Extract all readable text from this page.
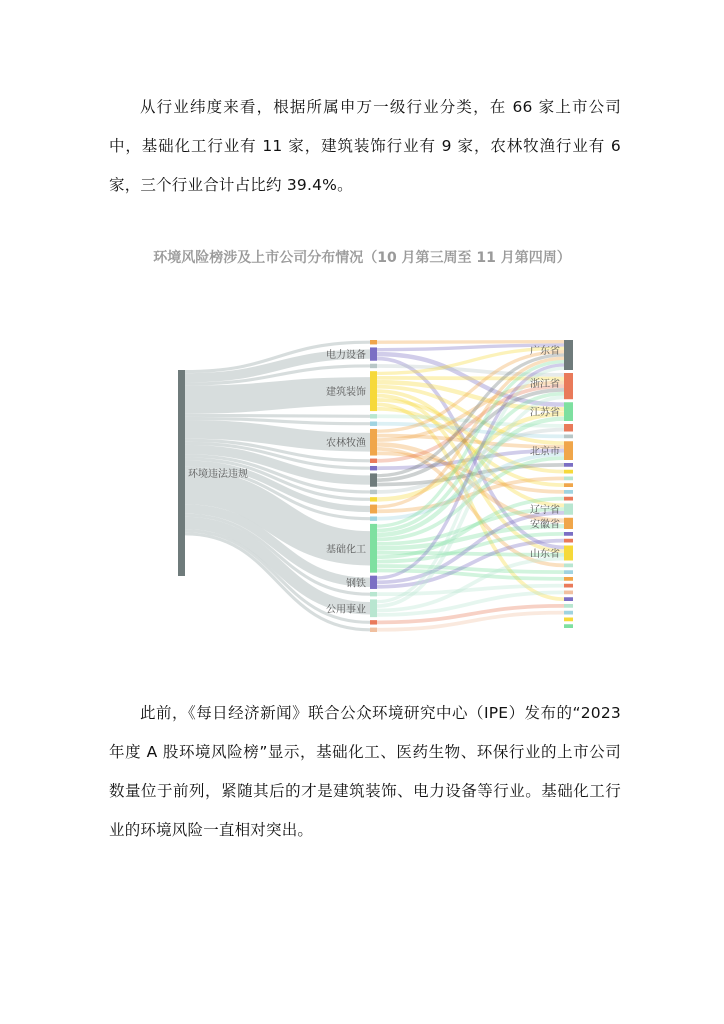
从行业纬度来看，根据所属申万一级行业分类，在 66 家上市公司中，基础化工行业有 11 家，建筑装饰行业有 9 家，农林牧渔行业有 6 家，三个行业合计占比约 39.4%。

环境风险榜涉及上市公司分布情况（10 月第三周至 11 月第四周）

环境违法违规
电力设备
建筑装饰
农林牧渔
基础化工
钢铁
公用事业
广东省
浙江省
江苏省
北京市
辽宁省
安徽省
山东省

此前，《每日经济新闻》联合公众环境研究中心（IPE）发布的“2023 年度 A 股环境风险榜”显示，基础化工、医药生物、环保行业的上市公司数量位于前列，紧随其后的才是建筑装饰、电力设备等行业。基础化工行业的环境风险一直相对突出。
